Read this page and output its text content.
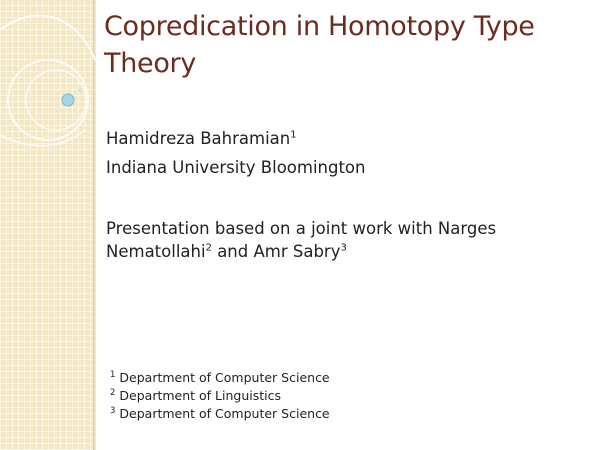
Copredication in Homotopy Type Theory
Hamidreza Bahramian$^1$
Indiana University Bloomington
Presentation based on a joint work with Narges Nematollahi$^2$ and Amr Sabry$^3$
$^1$ Department of Computer Science
$^2$ Department of Linguistics
$^3$ Department of Computer Science
